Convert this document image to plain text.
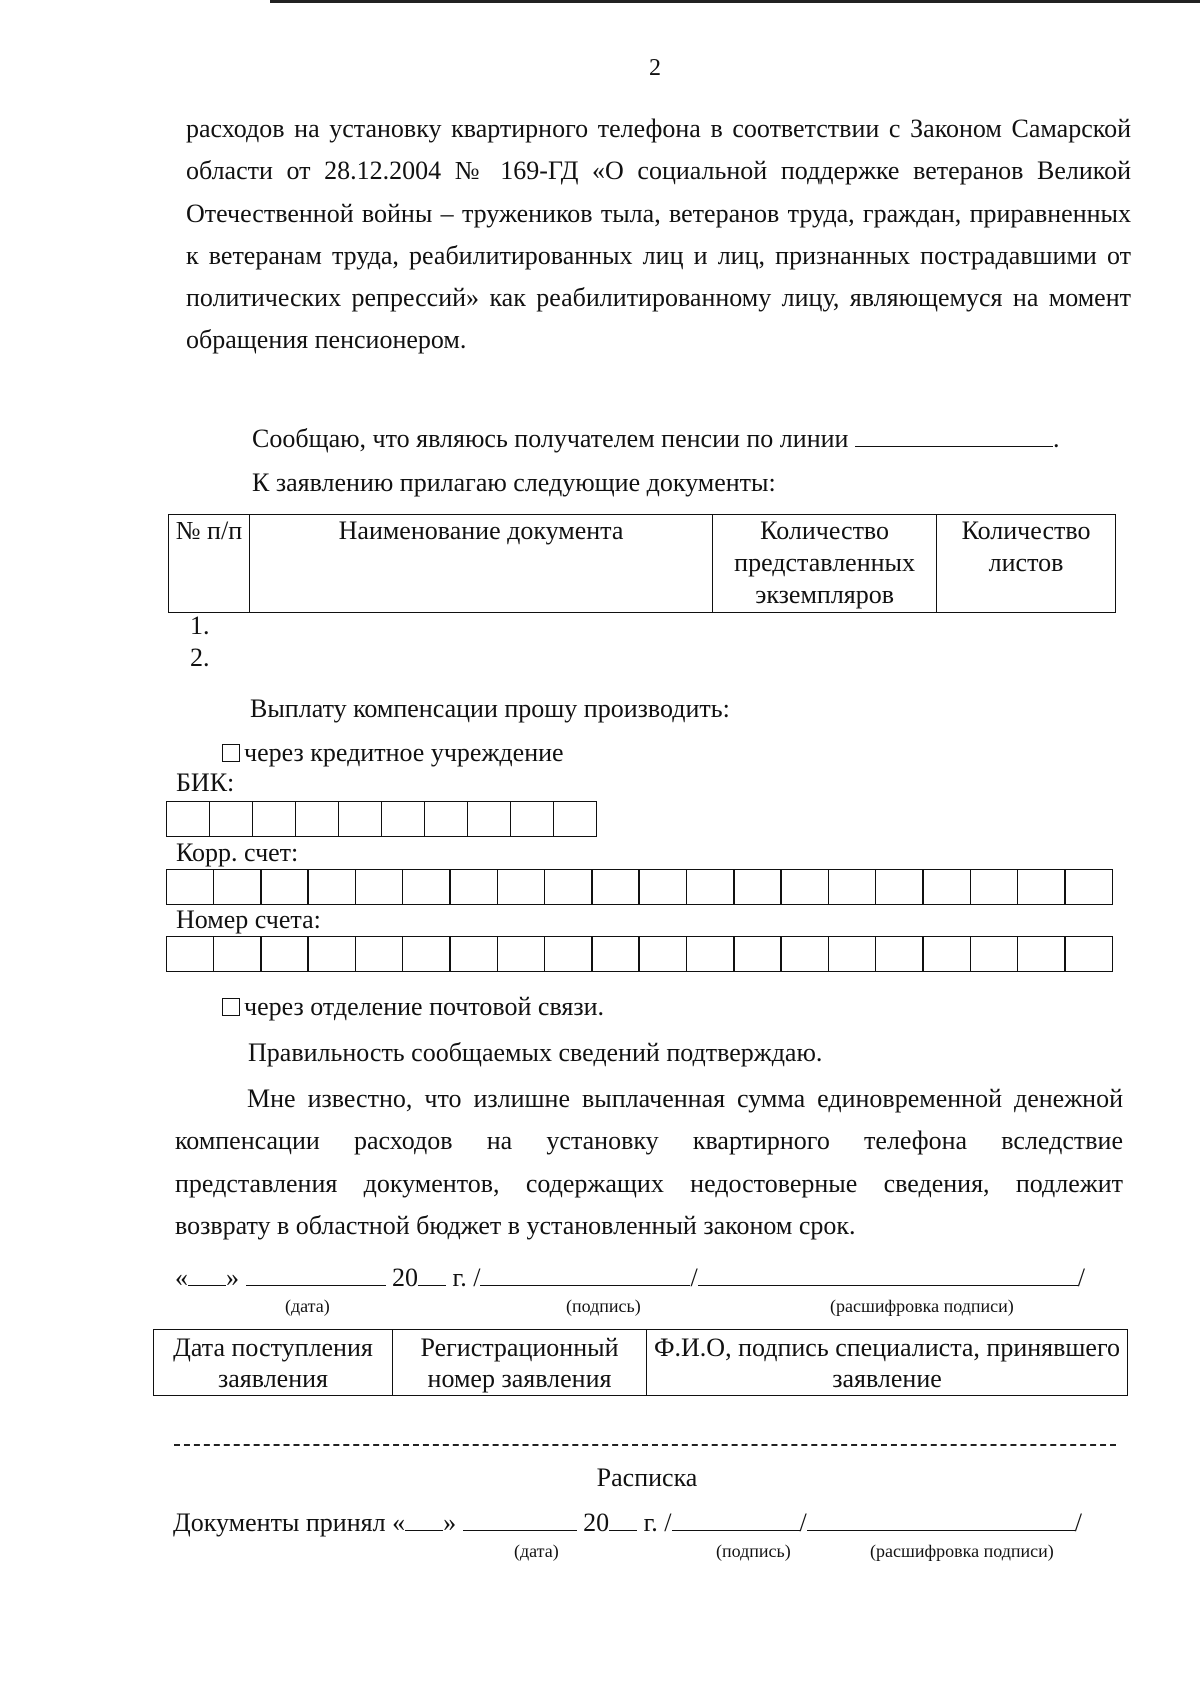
2
расходов на установку квартирного телефона в соответствии с Законом Самарской области от 28.12.2004 № 169-ГД «О социальной поддержке ветеранов Великой Отечественной войны – тружеников тыла, ветеранов труда, граждан, приравненных к ветеранам труда, реабилитированных лиц и лиц, признанных пострадавшими от политических репрессий» как реабилитированному лицу, являющемуся на момент обращения пенсионером.
Сообщаю, что являюсь получателем пенсии по линии	.
К заявлению прилагаю следующие документы:
№ п/п	Наименование документа	Количество представленных экземпляров	Количество листов
1.
2.
Выплату компенсации прошу производить:
через кредитное учреждение
БИК:
Корр. счет:
Номер счета:
через отделение почтовой связи.
Правильность сообщаемых сведений подтверждаю.
Мне известно, что излишне выплаченная сумма единовременной денежной компенсации расходов на установку квартирного телефона вследствие представления документов, содержащих недостоверные сведения, подлежит возврату в областной бюджет в установленный законом срок.
« »	20 г. /	/	/
(дата)	(подпись)	(расшифровка подписи)
Дата поступления заявления	Регистрационный номер заявления	Ф.И.О, подпись специалиста, принявшего заявление
Расписка
Документы принял « »	20 г. /	/	/
(дата)	(подпись)	(расшифровка подписи)
